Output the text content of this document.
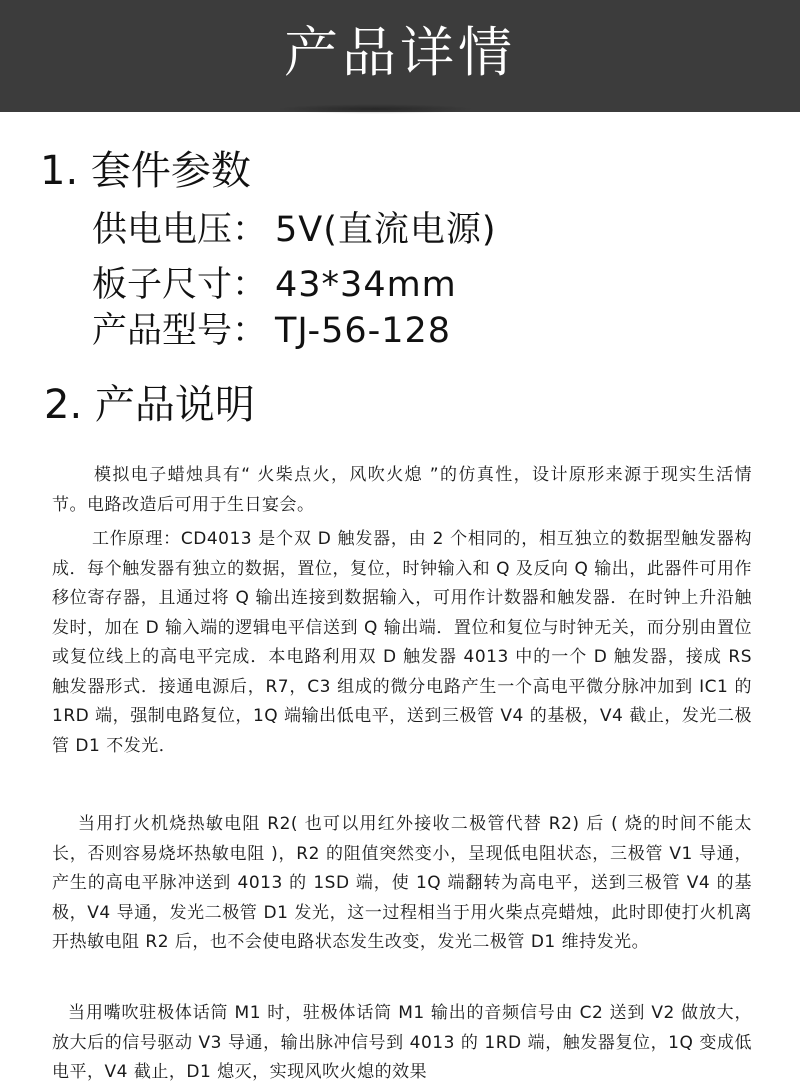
产品详情
1. 套件参数
供电电压： 5V(直流电源)
板子尺寸： 43*34mm
产品型号： TJ-56-128
2. 产品说明

模拟电子蜡烛具有“ 火柴点火，风吹火熄 ”的仿真性，设计原形来源于现实生活情节。电路改造后可用于生日宴会。

工作原理：CD4013 是个双 D 触发器，由 2 个相同的，相互独立的数据型触发器构成．每个触发器有独立的数据，置位，复位，时钟输入和 Q 及反向 Q 输出，此器件可用作移位寄存器，且通过将 Q 输出连接到数据输入，可用作计数器和触发器．在时钟上升沿触发时，加在 D 输入端的逻辑电平信送到 Q 输出端．置位和复位与时钟无关，而分别由置位或复位线上的高电平完成．本电路利用双 D 触发器 4013 中的一个 D 触发器，接成 RS 触发器形式．接通电源后，R7，C3 组成的微分电路产生一个高电平微分脉冲加到 IC1 的 1RD 端，强制电路复位，1Q 端输出低电平，送到三极管 V4 的基极，V4 截止，发光二极管 D1 不发光．

当用打火机烧热敏电阻 R2( 也可以用红外接收二极管代替 R2) 后 ( 烧的时间不能太长，否则容易烧坏热敏电阻 )，R2 的阻值突然变小，呈现低电阻状态，三极管 V1 导通，产生的高电平脉冲送到 4013 的 1SD 端，使 1Q 端翻转为高电平，送到三极管 V4 的基极，V4 导通，发光二极管 D1 发光，这一过程相当于用火柴点亮蜡烛，此时即使打火机离开热敏电阻 R2 后，也不会使电路状态发生改变，发光二极管 D1 维持发光。

当用嘴吹驻极体话筒 M1 时，驻极体话筒 M1 输出的音频信号由 C2 送到 V2 做放大，放大后的信号驱动 V3 导通，输出脉冲信号到 4013 的 1RD 端，触发器复位，1Q 变成低电平，V4 截止，D1 熄灭，实现风吹火熄的效果
